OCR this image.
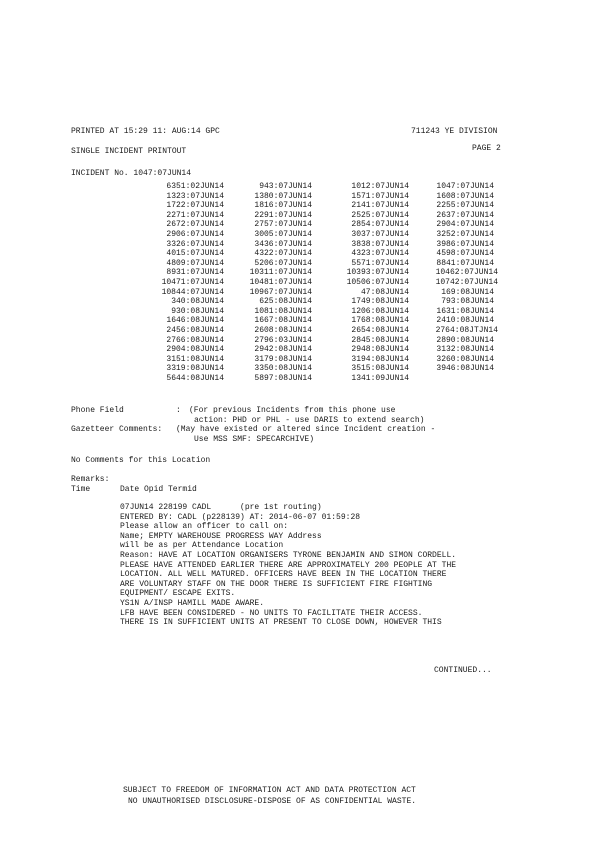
PRINTED AT 15:29 11: AUG:14 GPC	711243 YE DIVISION
SINGLE INCIDENT PRINTOUT	PAGE 2
INCIDENT No. 1047:07JUN14
6351:02JUN14	943:07JUN14	1012:07JUN14	1047:07JUN14
1323:07JUN14	1380:07JUN14	1571:07JUN14	1608:07JUN14
1722:07JUN14	1816:07JUN14	2141:07JUN14	2255:07JUN14
2271:07JUN14	2291:07JUN14	2525:07JUN14	2637:07JUN14
2672:07JUN14	2757:07JUN14	2854:07JUN14	2904:07JUN14
2906:07JUN14	3005:07JUN14	3037:07JUN14	3252:07JUN14
3326:07JUN14	3436:07JUN14	3838:07JUN14	3986:07JUN14
4015:07JUN14	4322:07JUN14	4323:07JUN14	4598:07JUN14
4809:07JUN14	5206:07JUN14	5571:07JUN14	8841:07JUN14
8931:07JUN14	10311:07JUN14	10393:07JUN14	10462:07JUN14
10471:07JUN14	10481:07JUN14	10506:07JUN14	10742:07JUN14
10844:07JUN14	10967:07JUN14	47:08JUN14	169:08JUN14
340:08JUN14	625:08JUN14	1749:08JUN14	793:08JUN14
930:08JUN14	1081:08JUN14	1206:08JUN14	1631:08JUN14
1646:08JUN14	1667:08JUN14	1768:08JUN14	2410:08JUN14
2456:08JUN14	2608:08JUN14	2654:08JUN14	2764:08JTJN14
2766:08JUN14	2796:03JUN14	2845:08JUN14	2890:08JUN14
2904:08JUN14	2942:08JUN14	2948:08JUN14	3132:08JUN14
3151:08JUN14	3179:08JUN14	3194:08JUN14	3260:08JUN14
3319:08JUN14	3350:08JUN14	3515:08JUN14	3946:08JUN14
5644:08JUN14	5897:08JUN14	1341:09JUN14
Phone Field	: (For previous Incidents from this phone use
action: PHD or PHL - use DARIS to extend search)
Gazetteer Comments: (May have existed or altered since Incident creation -
Use MSS SMF: SPECARCHIVE)
No Comments for this Location
Remarks:
Time	Date Opid Termid
07JUN14 228199 CADL      (pre 1st routing)
ENTERED BY: CADL (p228139) AT: 2014-06-07 01:59:28
Please allow an officer to call on:
Name; EMPTY WAREHOUSE PROGRESS WAY Address
will be as per Attendance Location
Reason: HAVE AT LOCATION ORGANISERS TYRONE BENJAMIN AND SIMON CORDELL.
PLEASE HAVE ATTENDED EARLIER THERE ARE APPROXIMATELY 200 PEOPLE AT THE
LOCATION. ALL WELL MATURED. OFFICERS HAVE BEEN IN THE LOCATION THERE
ARE VOLUNTARY STAFF ON THE DOOR THERE IS SUFFICIENT FIRE FIGHTING
EQUIPMENT/ ESCAPE EXITS.
YS1N A/INSP HAMILL MADE AWARE.
LFB HAVE BEEN CONSIDERED - NO UNITS TO FACILITATE THEIR ACCESS.
THERE IS IN SUFFICIENT UNITS AT PRESENT TO CLOSE DOWN, HOWEVER THIS
CONTINUED...
SUBJECT TO FREEDOM OF INFORMATION ACT AND DATA PROTECTION ACT
NO UNAUTHORISED DISCLOSURE-DISPOSE OF AS CONFIDENTIAL WASTE.
